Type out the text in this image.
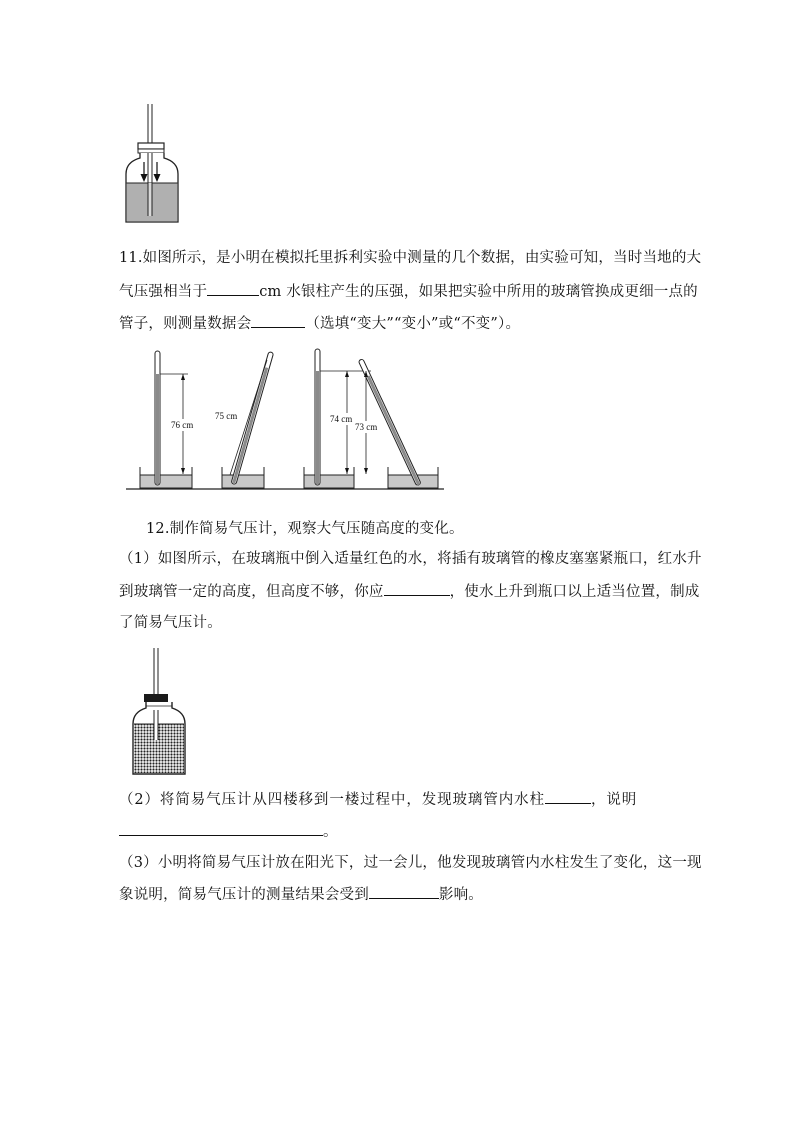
11.如图所示，是小明在模拟托里拆利实验中测量的几个数据，由实验可知，当时当地的大
气压强相当于	cm 水银柱产生的压强，如果把实验中所用的玻璃管换成更细一点的
管子，则测量数据会	（选填“变大”“变小”或“不变”）。
76 cm
75 cm	74 cm
73 cm
12.制作简易气压计，观察大气压随高度的变化。
（1）如图所示，在玻璃瓶中倒入适量红色的水，将插有玻璃管的橡皮塞塞紧瓶口，红水升
到玻璃管一定的高度，但高度不够，你应	，使水上升到瓶口以上适当位置，制成
了简易气压计。
（2）将简易气压计从四楼移到一楼过程中，发现玻璃管内水柱	，说明
。
（3）小明将简易气压计放在阳光下，过一会儿，他发现玻璃管内水柱发生了变化，这一现
象说明，简易气压计的测量结果会受到	影响。
